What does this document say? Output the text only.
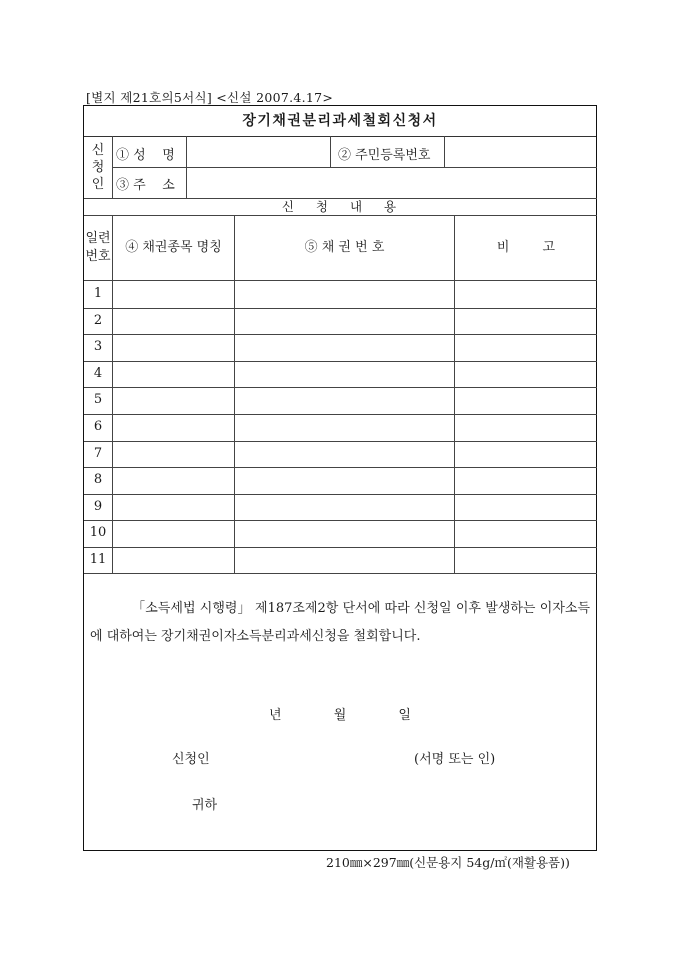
[별지 제21호의5서식] <신설 2007.4.17>
장기채권분리과세철회신청서
신
청
인
① 성    명	② 주민등록번호
③ 주    소
신 청 내 용
일련
번호
④ 채권종목 명칭	⑤ 채 권 번 호	비        고
1
2
3
4
5
6
7
8
9
10
11
「소득세법 시행령」 제187조제2항 단서에 따라 신청일 이후 발생하는 이자소득에 대하여는 장기채권이자소득분리과세신청을 철회합니다.
년 월 일
신청인	(서명 또는 인)
귀하
210㎜×297㎜(신문용지 54g/㎡(재활용품))
